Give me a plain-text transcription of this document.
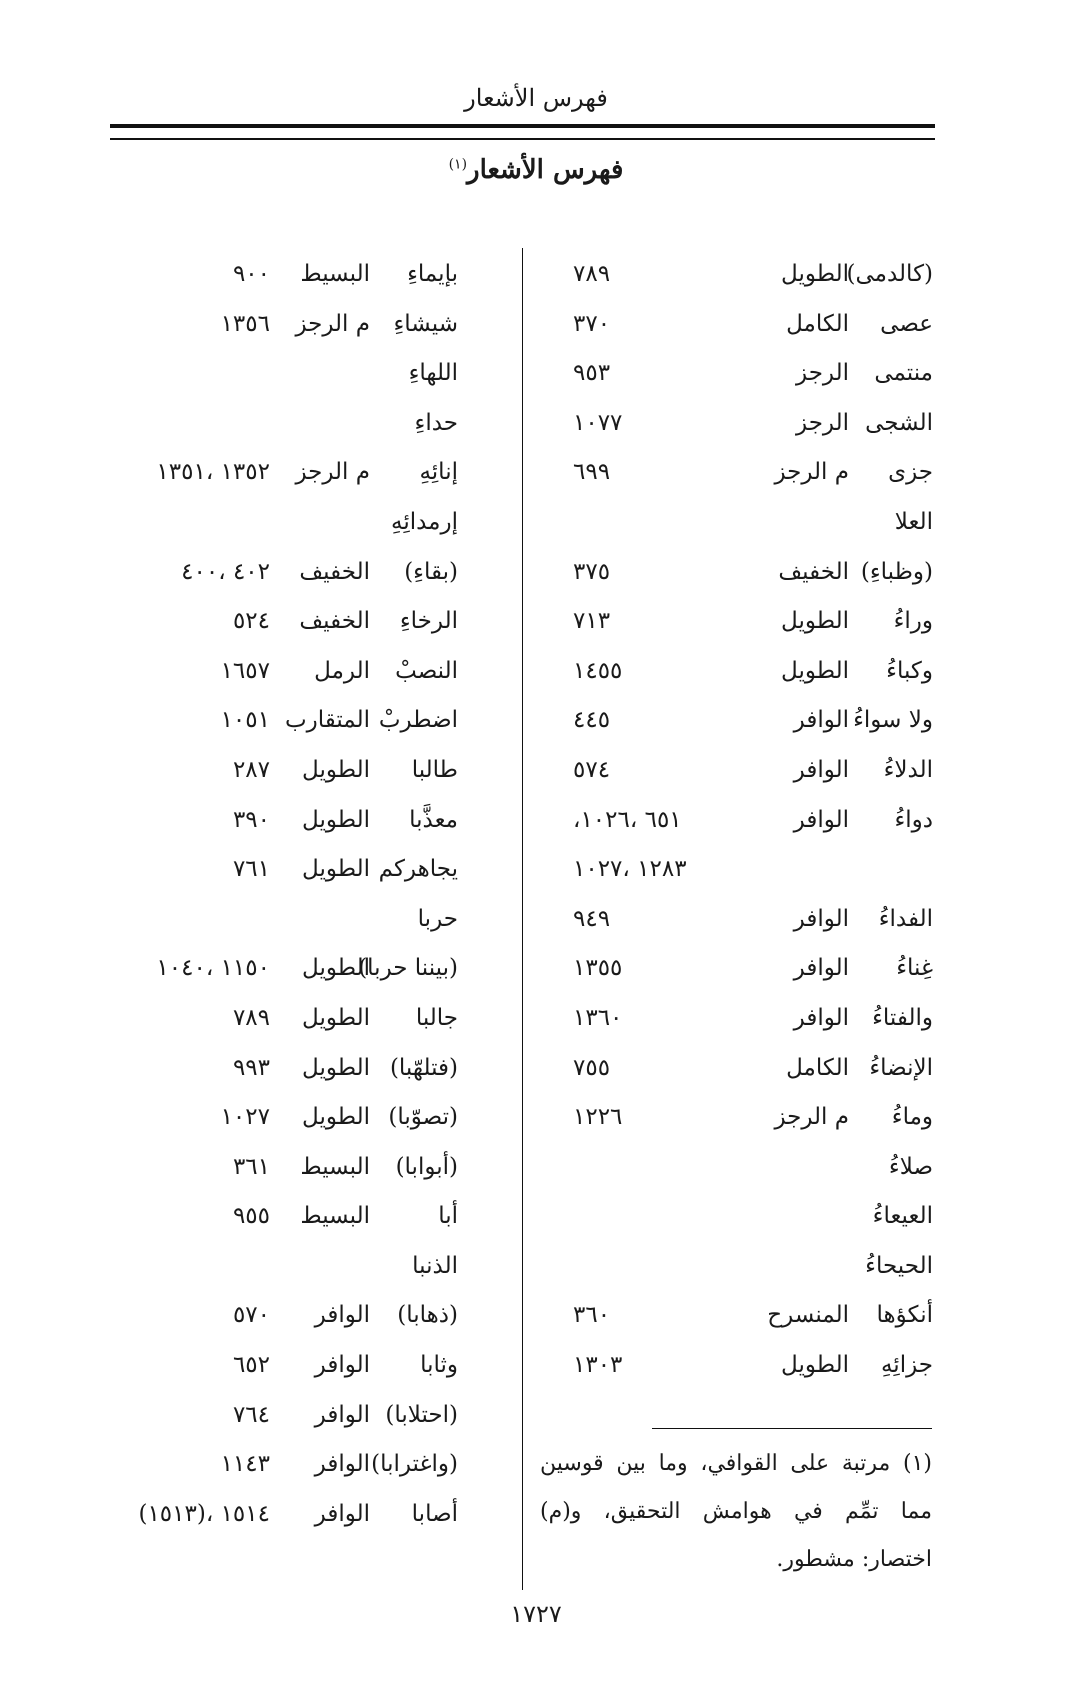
فهرس الأشعار
فهرس الأشعار$^{(١)}$
(كالدمى)
الطويل
٧٨٩
عصى
الكامل
٣٧٠
منتمى
الرجز
٩٥٣
الشجى
الرجز
١٠٧٧
جزى
م الرجز
٦٩٩
العلا
(وظباءِ)
الخفيف
٣٧٥
وراءُ
الطويل
٧١٣
وكباءُ
الطويل
١٤٥٥
ولا سواءُ
الوافر
٤٤٥
الدلاءُ
الوافر
٥٧٤
دواءُ
الوافر
،٦٥١ ،١٠٢٦
١٢٨٣ ،١٠٢٧
الفداءُ
الوافر
٩٤٩
غِناءُ
الوافر
١٣٥٥
والفتاءُ
الوافر
١٣٦٠
الإنضاءُ
الكامل
٧٥٥
وماءُ
م الرجز
١٢٢٦
صلاءُ
العيعاءُ
الحيحاءُ
أنكؤها
المنسرح
٣٦٠
جزائِهِ
الطويل
١٣٠٣
بإيماءِ
البسيط
٩٠٠
شيشاءِ
م الرجز
١٣٥٦
اللهاءِ
حداءِ
إنائِهِ
م الرجز
١٣٥٢ ،١٣٥١
إرمدائِهِ
(بقاءِ)
الخفيف
٤٠٢ ،٤٠٠
الرخاءِ
الخفيف
٥٢٤
النصبْ
الرمل
١٦٥٧
اضطربْ
المتقارب
١٠٥١
طالبا
الطويل
٢٨٧
معذَّبا
الطويل
٣٩٠
يجاهركم
الطويل
٧٦١
حربا
(بيننا حربا)
الطويل
١١٥٠ ،١٠٤٠
جالبا
الطويل
٧٨٩
(فتلهّبا)
الطويل
٩٩٣
(تصوّبا)
الطويل
١٠٢٧
(أبوابا)
البسيط
٣٦١
أبا
البسيط
٩٥٥
الذنبا
(ذهابا)
الوافر
٥٧٠
وثابا
الوافر
٦٥٢
(احتلابا)
الوافر
٧٦٤
(واغترابا)
الوافر
١١٤٣
أصابا
الوافر
١٥١٤ ،(١٥١٣)
(١) مرتبة على القوافي، وما بين قوسين مما تمِّم في هوامش التحقيق، و(م) اختصار: مشطور.
١٧٢٧
